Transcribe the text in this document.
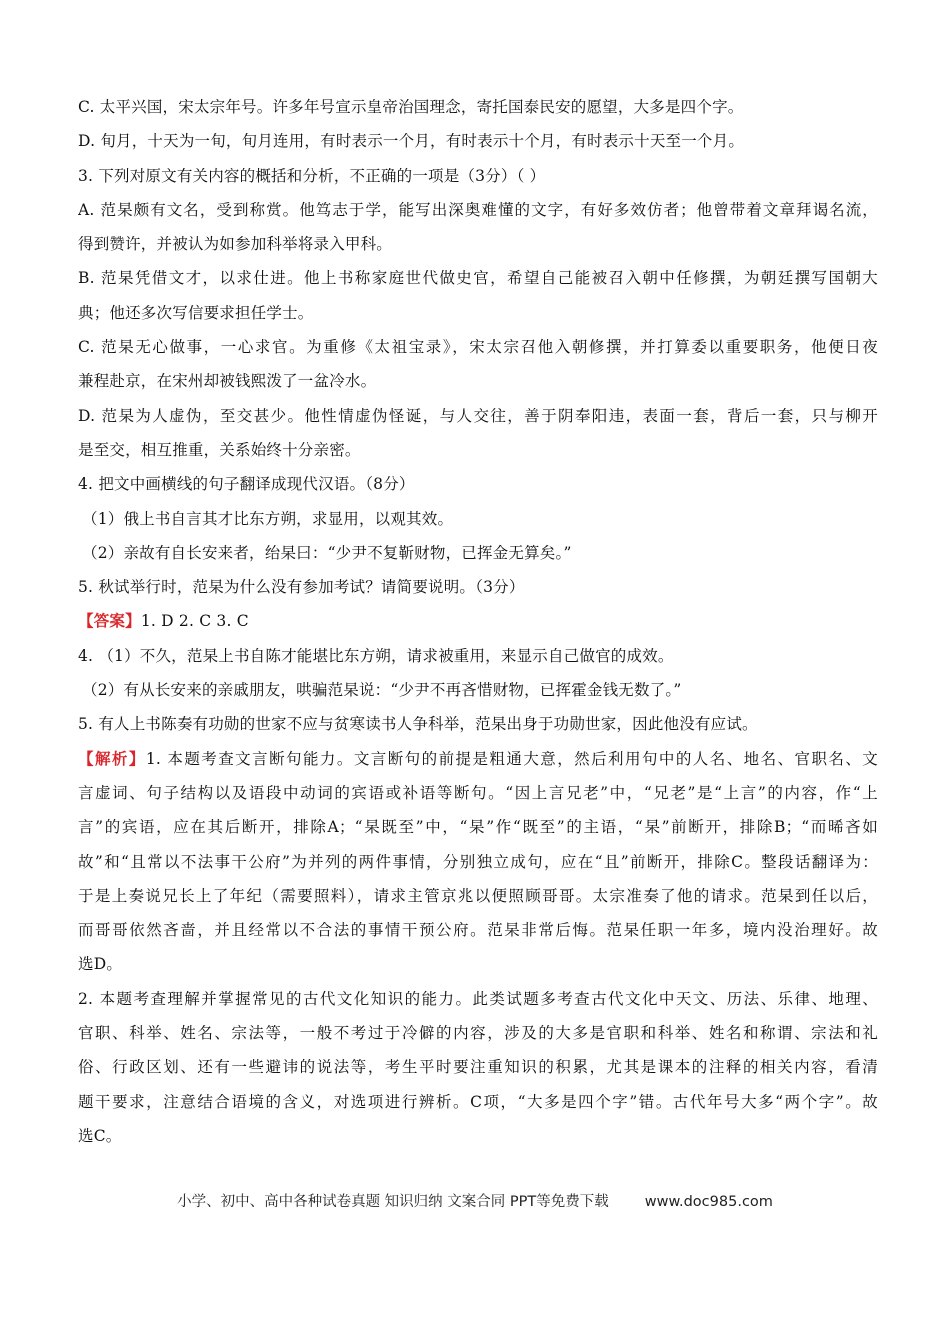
C. 太平兴国，宋太宗年号。许多年号宣示皇帝治国理念，寄托国泰民安的愿望，大多是四个字。
D. 旬月，十天为一旬，旬月连用，有时表示一个月，有时表示十个月，有时表示十天至一个月。
3. 下列对原文有关内容的概括和分析，不正确的一项是（3分）（ ）
A. 范杲颇有文名，受到称赏。他笃志于学，能写出深奥难懂的文字，有好多效仿者；他曾带着文章拜谒名流，
得到赞许，并被认为如参加科举将录入甲科。
B. 范杲凭借文才，以求仕进。他上书称家庭世代做史官，希望自己能被召入朝中任修撰，为朝廷撰写国朝大
典；他还多次写信要求担任学士。
C. 范杲无心做事，一心求官。为重修《太祖宝录》，宋太宗召他入朝修撰，并打算委以重要职务，他便日夜
兼程赴京，在宋州却被钱熙泼了一盆冷水。
D. 范杲为人虚伪，至交甚少。他性情虚伪怪诞，与人交往，善于阴奉阳违，表面一套，背后一套，只与柳开
是至交，相互推重，关系始终十分亲密。
4. 把文中画横线的句子翻译成现代汉语。（8分）
（1）俄上书自言其才比东方朔，求显用，以观其效。
（2）亲故有自长安来者，绐杲曰：“少尹不复靳财物，已挥金无算矣。”
5. 秋试举行时，范杲为什么没有参加考试？请简要说明。（3分）
【答案】1. D 2. C 3. C
4. （1）不久，范杲上书自陈才能堪比东方朔，请求被重用，来显示自己做官的成效。
（2）有从长安来的亲戚朋友，哄骗范杲说：“少尹不再吝惜财物，已挥霍金钱无数了。”
5. 有人上书陈奏有功勋的世家不应与贫寒读书人争科举，范杲出身于功勋世家，因此他没有应试。
【解析】1. 本题考查文言断句能力。文言断句的前提是粗通大意，然后利用句中的人名、地名、官职名、文
言虚词、句子结构以及语段中动词的宾语或补语等断句。“因上言兄老”中，“兄老”是“上言”的内容，作“上
言”的宾语，应在其后断开，排除A；“杲既至”中，“杲”作“既至”的主语，“杲”前断开，排除B；“而晞吝如
故”和“且常以不法事干公府”为并列的两件事情，分别独立成句，应在“且”前断开，排除C。整段话翻译为：
于是上奏说兄长上了年纪（需要照料），请求主管京兆以便照顾哥哥。太宗准奏了他的请求。范杲到任以后，
而哥哥依然吝啬，并且经常以不合法的事情干预公府。范杲非常后悔。范杲任职一年多，境内没治理好。故
选D。
2. 本题考查理解并掌握常见的古代文化知识的能力。此类试题多考查古代文化中天文、历法、乐律、地理、
官职、科举、姓名、宗法等，一般不考过于冷僻的内容，涉及的大多是官职和科举、姓名和称谓、宗法和礼
俗、行政区划、还有一些避讳的说法等，考生平时要注重知识的积累，尤其是课本的注释的相关内容，看清
题干要求，注意结合语境的含义，对选项进行辨析。C项，“大多是四个字”错。古代年号大多“两个字”。故
选C。
小学、初中、高中各种试卷真题 知识归纳 文案合同 PPT等免费下载 www.doc985.com
